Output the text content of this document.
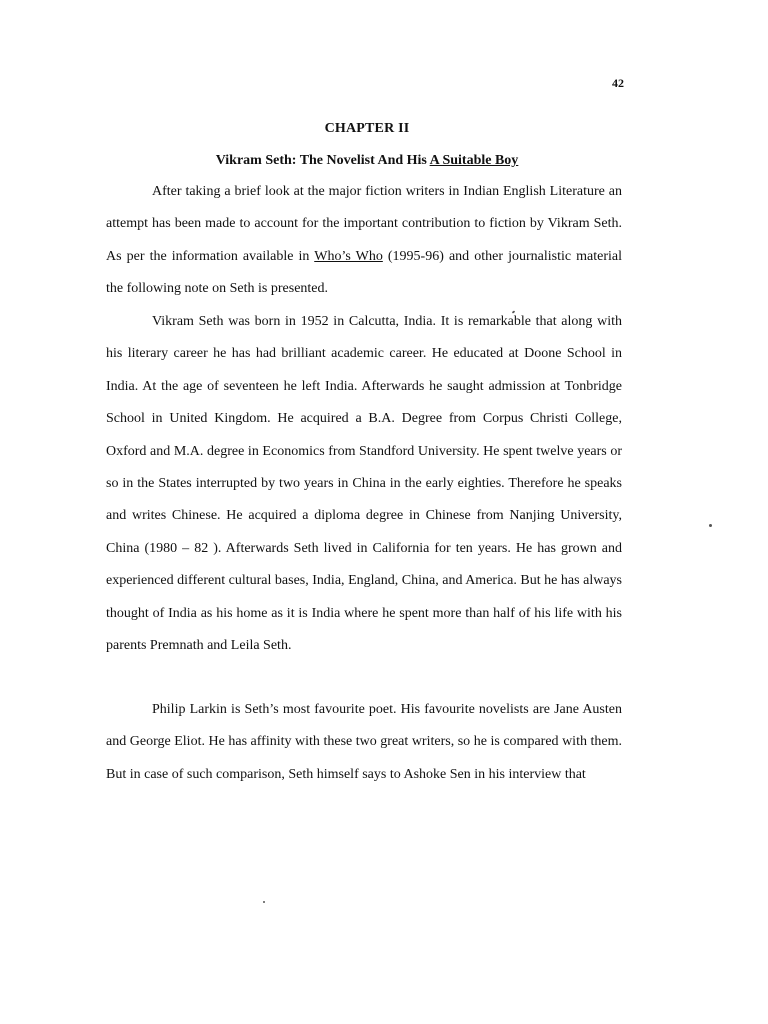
42
CHAPTER II
Vikram Seth: The Novelist And His A Suitable Boy

After taking a brief look at the major fiction writers in Indian English Literature an attempt has been made to account for the important contribution to fiction by Vikram Seth. As per the information available in Who’s Who (1995-96) and other journalistic material the following note on Seth is presented.

Vikram Seth was born in 1952 in Calcutta, India. It is remarkable that along with his literary career he has had brilliant academic career. He educated at Doone School in India. At the age of seventeen he left India. Afterwards he saught admission at Tonbridge School in United Kingdom. He acquired a B.A. Degree from Corpus Christi College, Oxford and M.A. degree in Economics from Standford University. He spent twelve years or so in the States interrupted by two years in China in the early eighties. Therefore he speaks and writes Chinese. He acquired a diploma degree in Chinese from Nanjing University, China (1980 – 82 ). Afterwards Seth lived in California for ten years. He has grown and experienced different cultural bases, India, England, China, and America. But he has always thought of India as his home as it is India where he spent more than half of his life with his parents Premnath and Leila Seth.

Philip Larkin is Seth’s most favourite poet. His favourite novelists are Jane Austen and George Eliot. He has affinity with these two great writers, so he is compared with them. But in case of such comparison, Seth himself says to Ashoke Sen in his interview that
